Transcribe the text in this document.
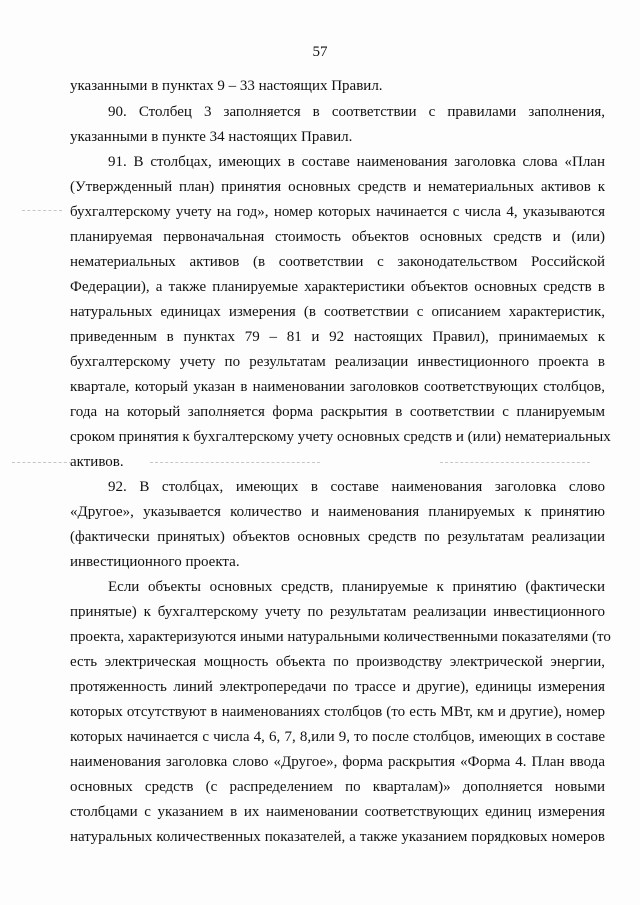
57
указанными в пунктах 9 – 33 настоящих Правил.
90. Столбец 3 заполняется в соответствии с правилами заполнения,
указанными в пункте 34 настоящих Правил.
91. В столбцах, имеющих в составе наименования заголовка слова «План
(Утвержденный план) принятия основных средств и нематериальных активов к
бухгалтерскому учету на год», номер которых начинается с числа 4, указываются
планируемая первоначальная стоимость объектов основных средств и (или)
нематериальных активов (в соответствии с законодательством Российской
Федерации), а также планируемые характеристики объектов основных средств в
натуральных единицах измерения (в соответствии с описанием характеристик,
приведенным в пунктах 79 – 81 и 92 настоящих Правил), принимаемых к
бухгалтерскому учету по результатам реализации инвестиционного проекта в
квартале, который указан в наименовании заголовков соответствующих столбцов,
года на который заполняется форма раскрытия в соответствии с планируемым
сроком принятия к бухгалтерскому учету основных средств и (или) нематериальных
активов.
92. В столбцах, имеющих в составе наименования заголовка слово
«Другое», указывается количество и наименования планируемых к принятию
(фактически принятых) объектов основных средств по результатам реализации
инвестиционного проекта.
Если объекты основных средств, планируемые к принятию (фактически
принятые) к бухгалтерскому учету по результатам реализации инвестиционного
проекта, характеризуются иными натуральными количественными показателями (то
есть электрическая мощность объекта по производству электрической энергии,
протяженность линий электропередачи по трассе и другие), единицы измерения
которых отсутствуют в наименованиях столбцов (то есть МВт, км и другие), номер
которых начинается с числа 4, 6, 7, 8,или 9, то после столбцов, имеющих в составе
наименования заголовка слово «Другое», форма раскрытия «Форма 4. План ввода
основных средств (с распределением по кварталам)» дополняется новыми
столбцами с указанием в их наименовании соответствующих единиц измерения
натуральных количественных показателей, а также указанием порядковых номеров
